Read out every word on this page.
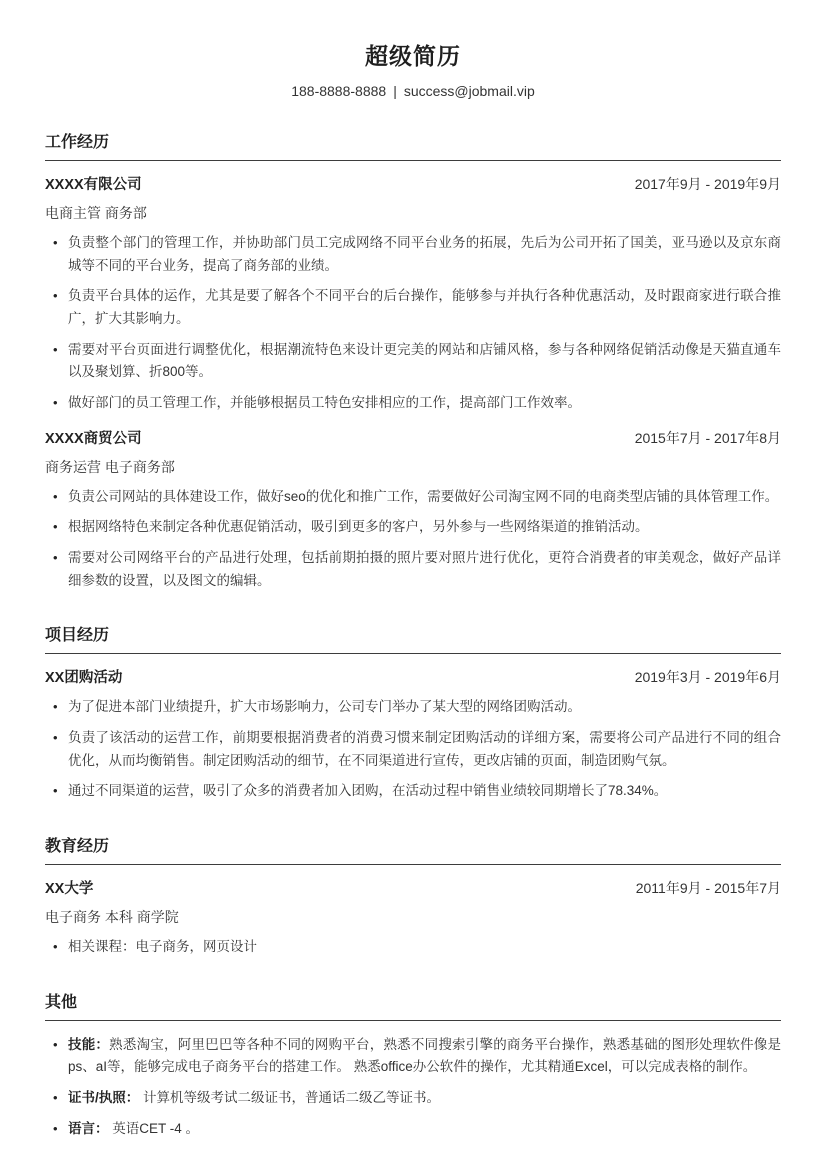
超级简历
188-8888-8888 | success@jobmail.vip
工作经历
XXXX有限公司	2017年9月 - 2019年9月
电商主管 商务部
• 负责整个部门的管理工作，并协助部门员工完成网络不同平台业务的拓展，先后为公司开拓了国美，亚马逊以及京东商城等不同的平台业务，提高了商务部的业绩。
• 负责平台具体的运作，尤其是要了解各个不同平台的后台操作，能够参与并执行各种优惠活动，及时跟商家进行联合推广，扩大其影响力。
• 需要对平台页面进行调整优化，根据潮流特色来设计更完美的网站和店铺风格，参与各种网络促销活动像是天猫直通车以及聚划算、折800等。
• 做好部门的员工管理工作，并能够根据员工特色安排相应的工作，提高部门工作效率。
XXXX商贸公司	2015年7月 - 2017年8月
商务运营 电子商务部
• 负责公司网站的具体建设工作，做好seo的优化和推广工作，需要做好公司淘宝网不同的电商类型店铺的具体管理工作。
• 根据网络特色来制定各种优惠促销活动，吸引到更多的客户，另外参与一些网络渠道的推销活动。
• 需要对公司网络平台的产品进行处理，包括前期拍摄的照片要对照片进行优化，更符合消费者的审美观念，做好产品详细参数的设置，以及图文的编辑。
项目经历
XX团购活动	2019年3月 - 2019年6月
• 为了促进本部门业绩提升，扩大市场影响力，公司专门举办了某大型的网络团购活动。
• 负责了该活动的运营工作，前期要根据消费者的消费习惯来制定团购活动的详细方案，需要将公司产品进行不同的组合优化，从而均衡销售。制定团购活动的细节，在不同渠道进行宣传，更改店铺的页面，制造团购气氛。
• 通过不同渠道的运营，吸引了众多的消费者加入团购，在活动过程中销售业绩较同期增长了78.34%。
教育经历
XX大学	2011年9月 - 2015年7月
电子商务 本科 商学院
• 相关课程：电子商务，网页设计
其他
• 技能：熟悉淘宝，阿里巴巴等各种不同的网购平台，熟悉不同搜索引擎的商务平台操作，熟悉基础的图形处理软件像是ps、aI等，能够完成电子商务平台的搭建工作。 熟悉office办公软件的操作，尤其精通Excel，可以完成表格的制作。
• 证书/执照： 计算机等级考试二级证书，普通话二级乙等证书。
• 语言： 英语CET -4 。
